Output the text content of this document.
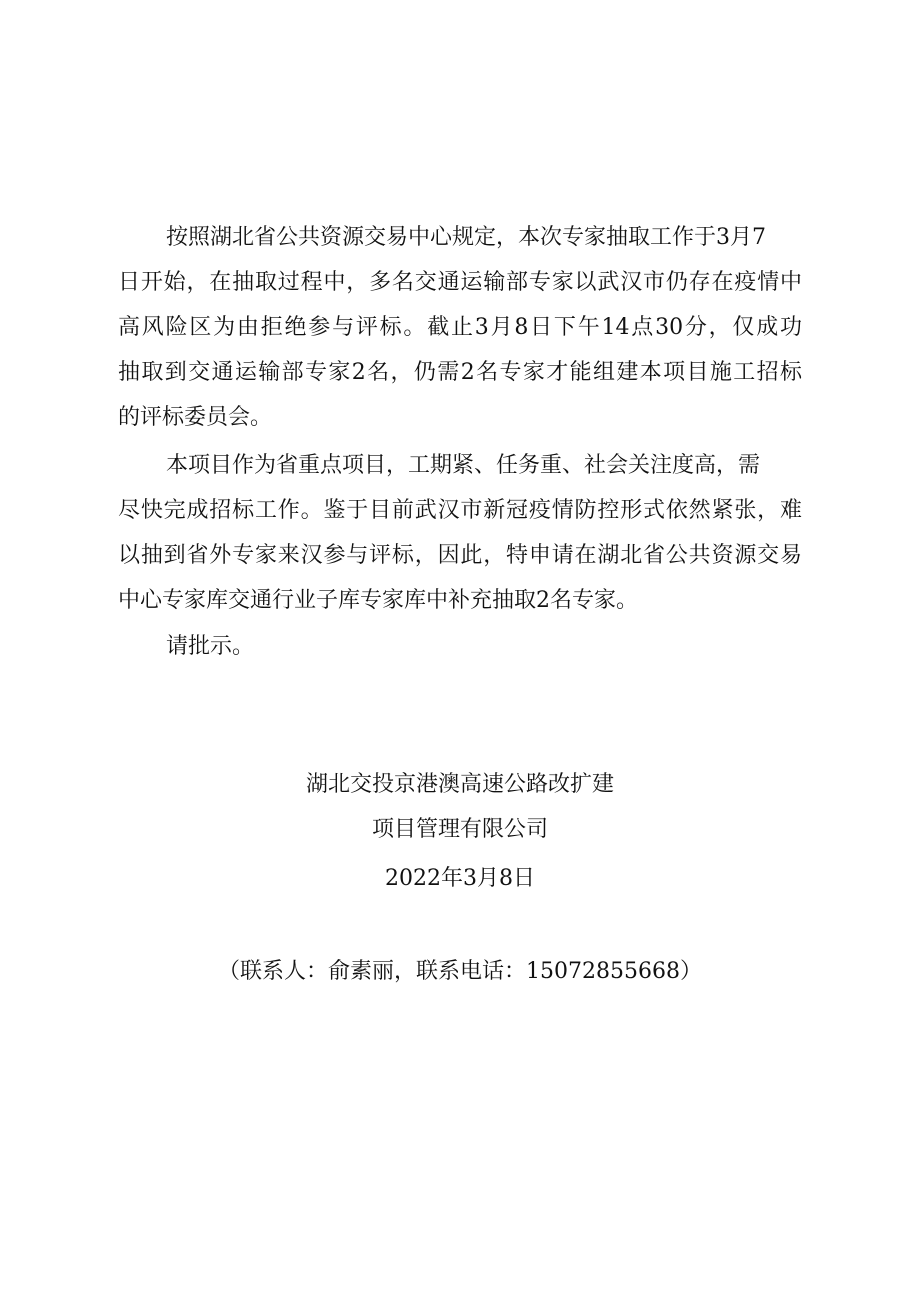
按照湖北省公共资源交易中心规定，本次专家抽取工作于3月7
日开始，在抽取过程中，多名交通运输部专家以武汉市仍存在疫情中
高风险区为由拒绝参与评标。截止3月8日下午14点30分，仅成功
抽取到交通运输部专家2名，仍需2名专家才能组建本项目施工招标
的评标委员会。
本项目作为省重点项目，工期紧、任务重、社会关注度高，需
尽快完成招标工作。鉴于目前武汉市新冠疫情防控形式依然紧张，难
以抽到省外专家来汉参与评标，因此，特申请在湖北省公共资源交易
中心专家库交通行业子库专家库中补充抽取2名专家。
请批示。
湖北交投京港澳高速公路改扩建
项目管理有限公司
2022年3月8日
（联系人：俞素丽，联系电话：15072855668）
